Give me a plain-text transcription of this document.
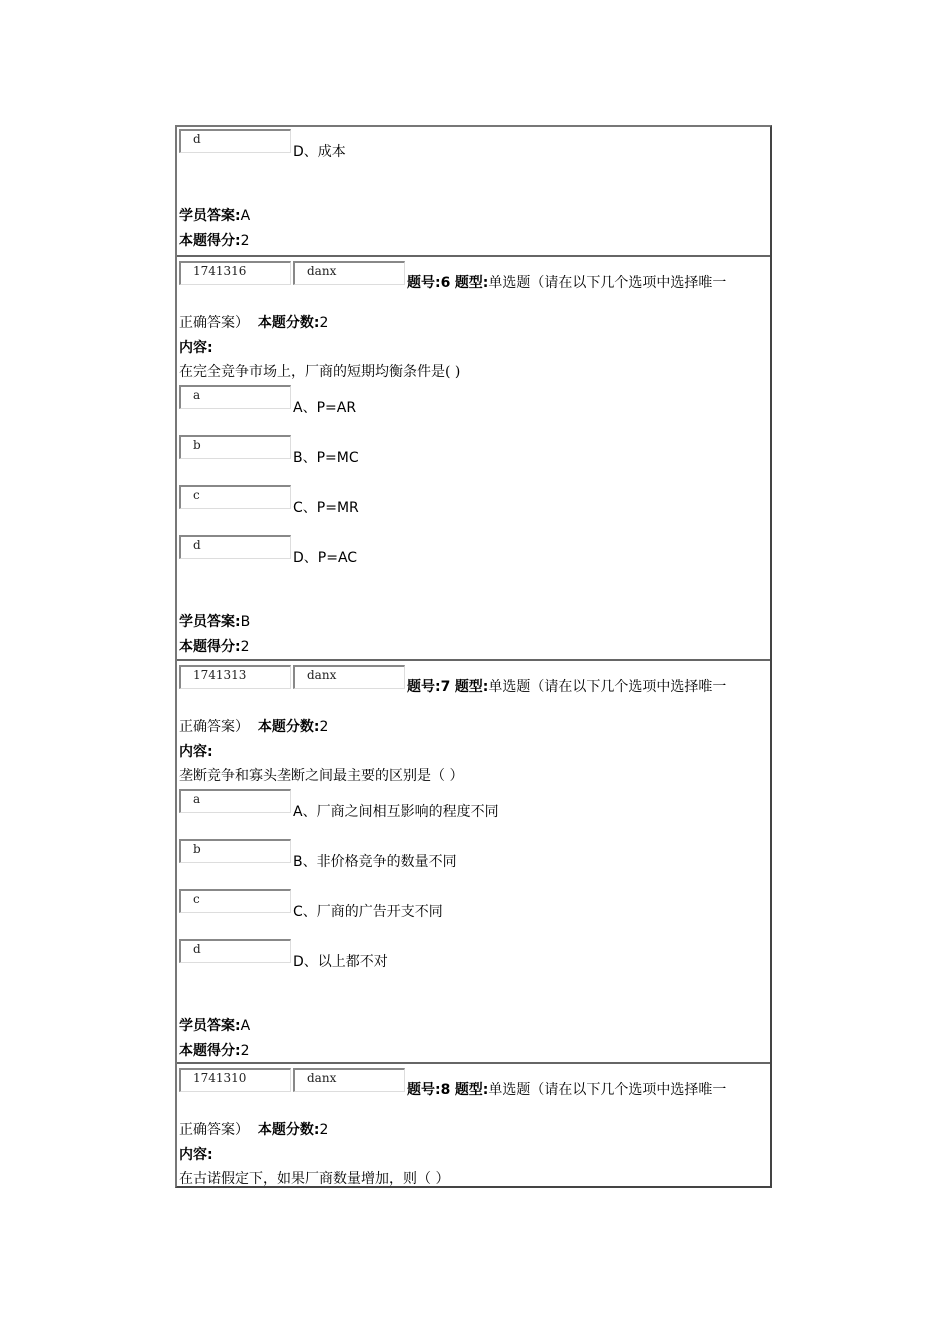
d
D、成本
学员答案:A
本题得分:2
1741316	danx
题号:6 题型:单选题（请在以下几个选项中选择唯一
正确答案） 本题分数:2
内容:
在完全竞争市场上，厂商的短期均衡条件是( )
a
A、P=AR
b
B、P=MC
c
C、P=MR
d
D、P=AC
学员答案:B
本题得分:2
1741313	danx
题号:7 题型:单选题（请在以下几个选项中选择唯一
正确答案） 本题分数:2
内容:
垄断竞争和寡头垄断之间最主要的区别是（ ）
a
A、厂商之间相互影响的程度不同
b
B、非价格竞争的数量不同
c
C、厂商的广告开支不同
d
D、以上都不对
学员答案:A
本题得分:2
1741310	danx
题号:8 题型:单选题（请在以下几个选项中选择唯一
正确答案） 本题分数:2
内容:
在古诺假定下，如果厂商数量增加，则（ ）
